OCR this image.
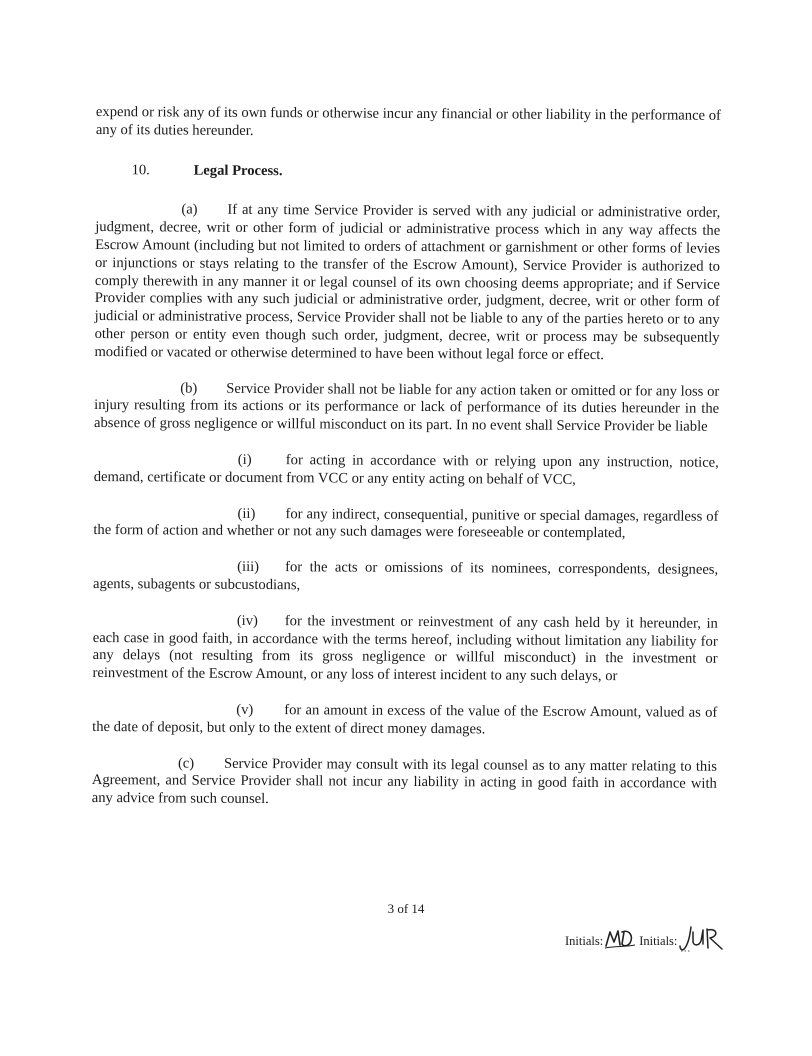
expend or risk any of its own funds or otherwise incur any financial or other liability in the performance of any of its duties hereunder.

10.	Legal Process.

(a) If at any time Service Provider is served with any judicial or administrative order, judgment, decree, writ or other form of judicial or administrative process which in any way affects the Escrow Amount (including but not limited to orders of attachment or garnishment or other forms of levies or injunctions or stays relating to the transfer of the Escrow Amount), Service Provider is authorized to comply therewith in any manner it or legal counsel of its own choosing deems appropriate; and if Service Provider complies with any such judicial or administrative order, judgment, decree, writ or other form of judicial or administrative process, Service Provider shall not be liable to any of the parties hereto or to any other person or entity even though such order, judgment, decree, writ or process may be subsequently modified or vacated or otherwise determined to have been without legal force or effect.

(b) Service Provider shall not be liable for any action taken or omitted or for any loss or injury resulting from its actions or its performance or lack of performance of its duties hereunder in the absence of gross negligence or willful misconduct on its part. In no event shall Service Provider be liable

(i) for acting in accordance with or relying upon any instruction, notice, demand, certificate or document from VCC or any entity acting on behalf of VCC,

(ii) for any indirect, consequential, punitive or special damages, regardless of the form of action and whether or not any such damages were foreseeable or contemplated,

(iii) for the acts or omissions of its nominees, correspondents, designees, agents, subagents or subcustodians,

(iv) for the investment or reinvestment of any cash held by it hereunder, in each case in good faith, in accordance with the terms hereof, including without limitation any liability for any delays (not resulting from its gross negligence or willful misconduct) in the investment or reinvestment of the Escrow Amount, or any loss of interest incident to any such delays, or

(v) for an amount in excess of the value of the Escrow Amount, valued as of the date of deposit, but only to the extent of direct money damages.

(c) Service Provider may consult with its legal counsel as to any matter relating to this Agreement, and Service Provider shall not incur any liability in acting in good faith in accordance with any advice from such counsel.

3 of 14
Initials:	Initials:
